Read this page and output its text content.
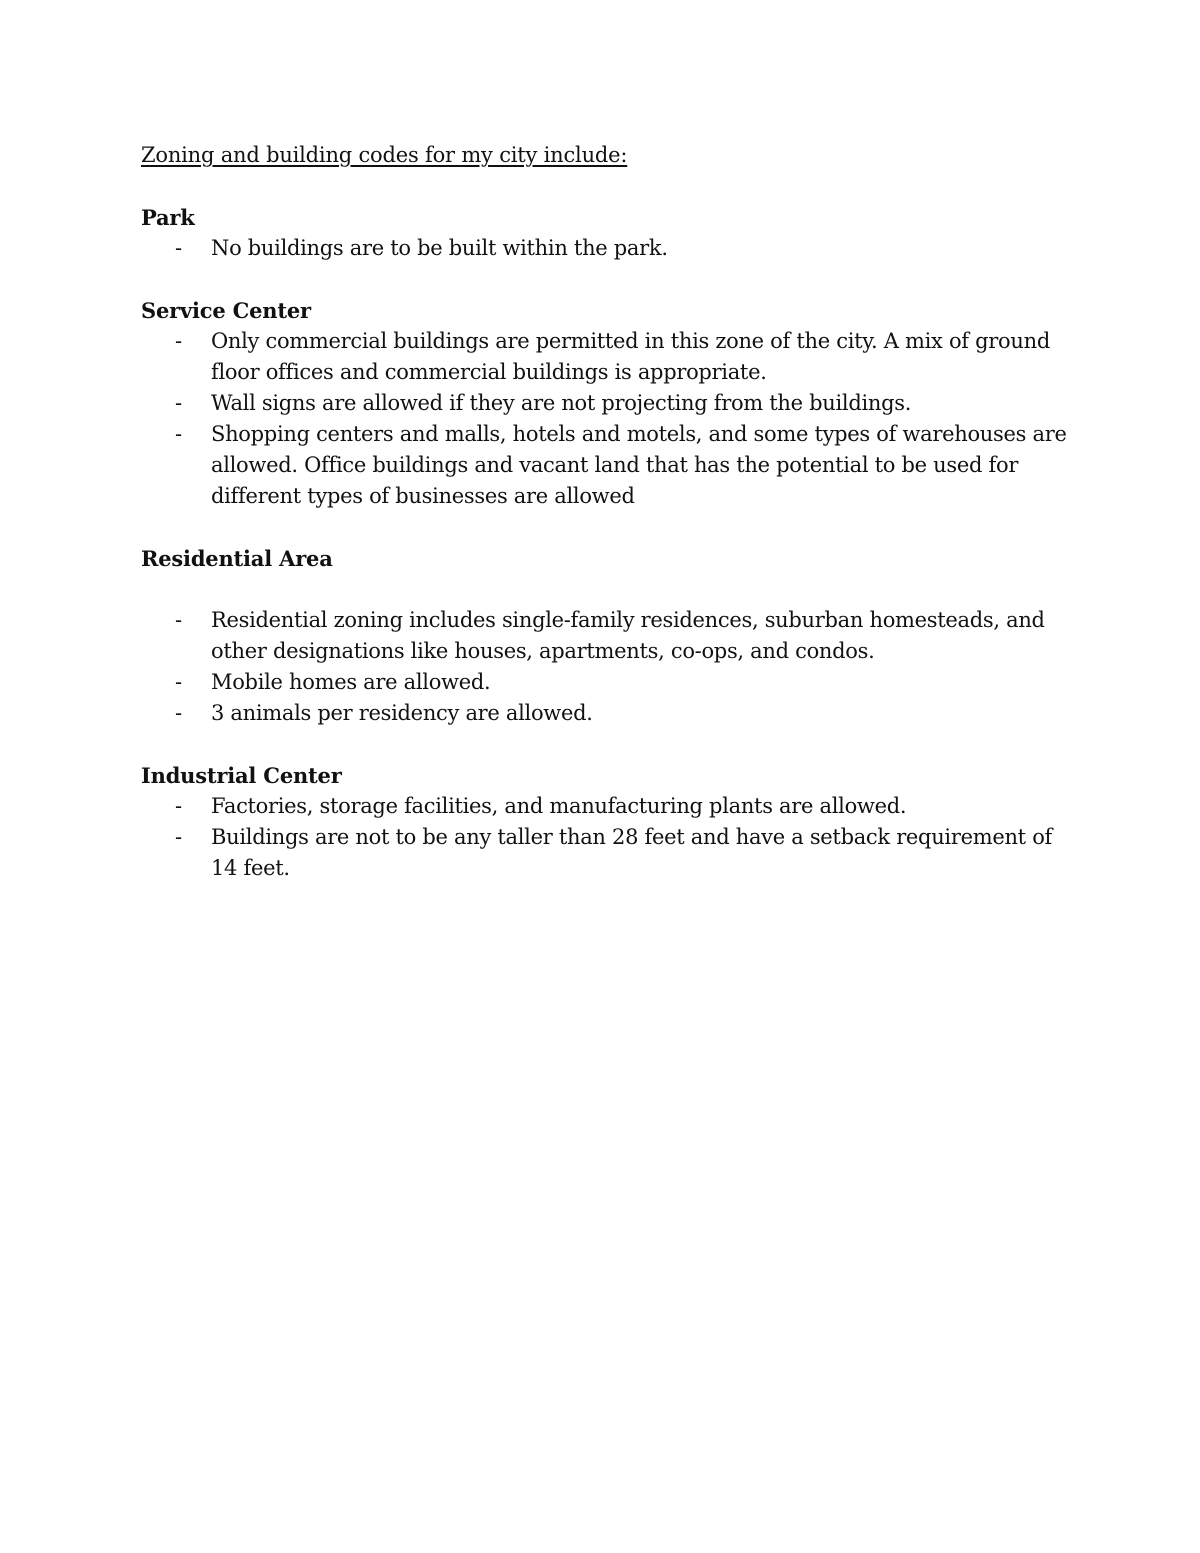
Zoning and building codes for my city include:

Park

-	No buildings are to be built within the park.

Service Center

-	Only commercial buildings are permitted in this zone of the city. A mix of ground floor offices and commercial buildings is appropriate.
-	Wall signs are allowed if they are not projecting from the buildings.
-	Shopping centers and malls, hotels and motels, and some types of warehouses are allowed. Office buildings and vacant land that has the potential to be used for different types of businesses are allowed

Residential Area

-	Residential zoning includes single-family residences, suburban homesteads, and other designations like houses, apartments, co-ops, and condos.
-	Mobile homes are allowed.
-	3 animals per residency are allowed.

Industrial Center

-	Factories, storage facilities, and manufacturing plants are allowed.
-	Buildings are not to be any taller than 28 feet and have a setback requirement of 14 feet.
